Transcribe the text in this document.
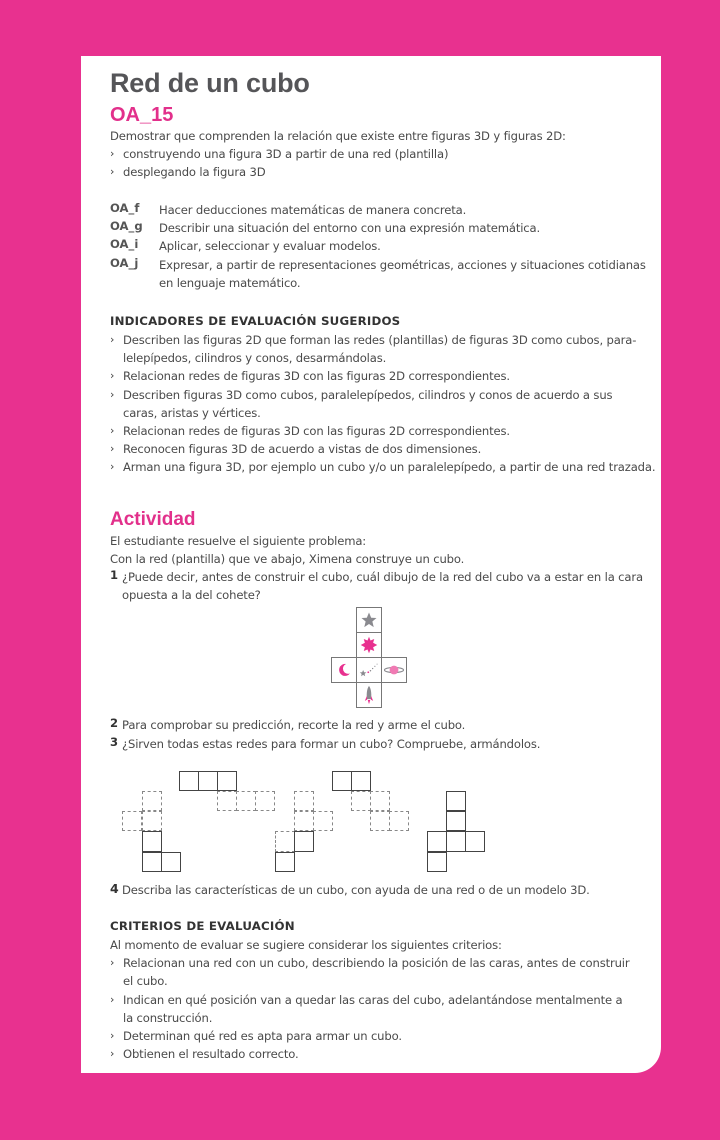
Red de un cubo
OA_15
Demostrar que comprenden la relación que existe entre figuras 3D y figuras 2D:
› construyendo una figura 3D a partir de una red (plantilla)
› desplegando la figura 3D
OA_f Hacer deducciones matemáticas de manera concreta.
OA_g Describir una situación del entorno con una expresión matemática.
OA_i Aplicar, seleccionar y evaluar modelos.
OA_j Expresar, a partir de representaciones geométricas, acciones y situaciones cotidianas
en lenguaje matemático.
INDICADORES DE EVALUACIÓN SUGERIDOS
› Describen las figuras 2D que forman las redes (plantillas) de figuras 3D como cubos, para-
lelepípedos, cilindros y conos, desarmándolas.
› Relacionan redes de figuras 3D con las figuras 2D correspondientes.
› Describen figuras 3D como cubos, paralelepípedos, cilindros y conos de acuerdo a sus
caras, aristas y vértices.
› Relacionan redes de figuras 3D con las figuras 2D correspondientes.
› Reconocen figuras 3D de acuerdo a vistas de dos dimensiones.
› Arman una figura 3D, por ejemplo un cubo y/o un paralelepípedo, a partir de una red trazada.
Actividad
El estudiante resuelve el siguiente problema:
Con la red (plantilla) que ve abajo, Ximena construye un cubo.
1 ¿Puede decir, antes de construir el cubo, cuál dibujo de la red del cubo va a estar en la cara
opuesta a la del cohete?
2 Para comprobar su predicción, recorte la red y arme el cubo.
3 ¿Sirven todas estas redes para formar un cubo? Compruebe, armándolos.
4 Describa las características de un cubo, con ayuda de una red o de un modelo 3D.
CRITERIOS DE EVALUACIÓN
Al momento de evaluar se sugiere considerar los siguientes criterios:
› Relacionan una red con un cubo, describiendo la posición de las caras, antes de construir
el cubo.
› Indican en qué posición van a quedar las caras del cubo, adelantándose mentalmente a
la construcción.
› Determinan qué red es apta para armar un cubo.
› Obtienen el resultado correcto.
